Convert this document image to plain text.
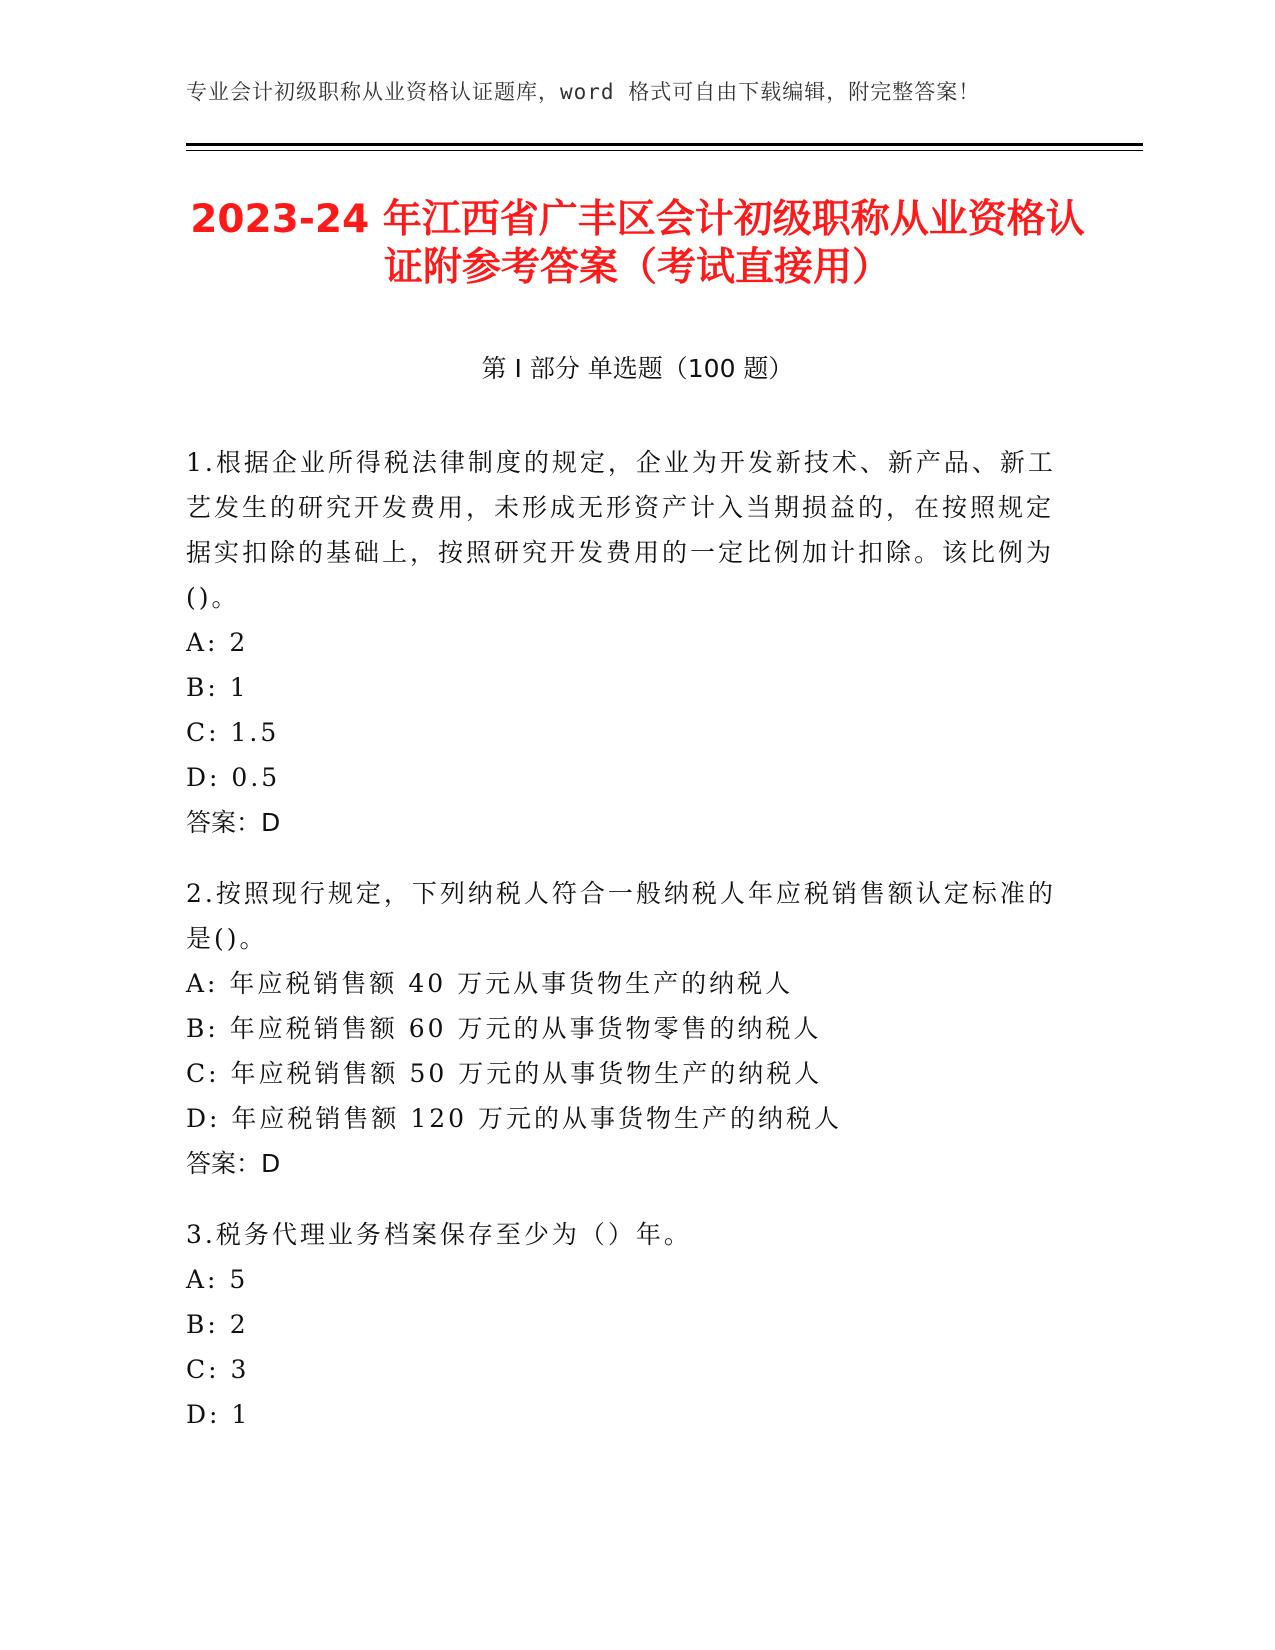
专业会计初级职称从业资格认证题库，word 格式可自由下载编辑，附完整答案！
2023-24 年江西省广丰区会计初级职称从业资格认证附参考答案（考试直接用）
第 I 部分 单选题（100 题）

1.根据企业所得税法律制度的规定，企业为开发新技术、新产品、新工艺发生的研究开发费用，未形成无形资产计入当期损益的，在按照规定据实扣除的基础上，按照研究开发费用的一定比例加计扣除。该比例为()。

A: 2

B: 1

C: 1.5

D: 0.5

答案：D

2.按照现行规定，下列纳税人符合一般纳税人年应税销售额认定标准的是()。

A: 年应税销售额 40 万元从事货物生产的纳税人

B: 年应税销售额 60 万元的从事货物零售的纳税人

C: 年应税销售额 50 万元的从事货物生产的纳税人

D: 年应税销售额 120 万元的从事货物生产的纳税人

答案：D

3.税务代理业务档案保存至少为（）年。

A: 5

B: 2

C: 3

D: 1
